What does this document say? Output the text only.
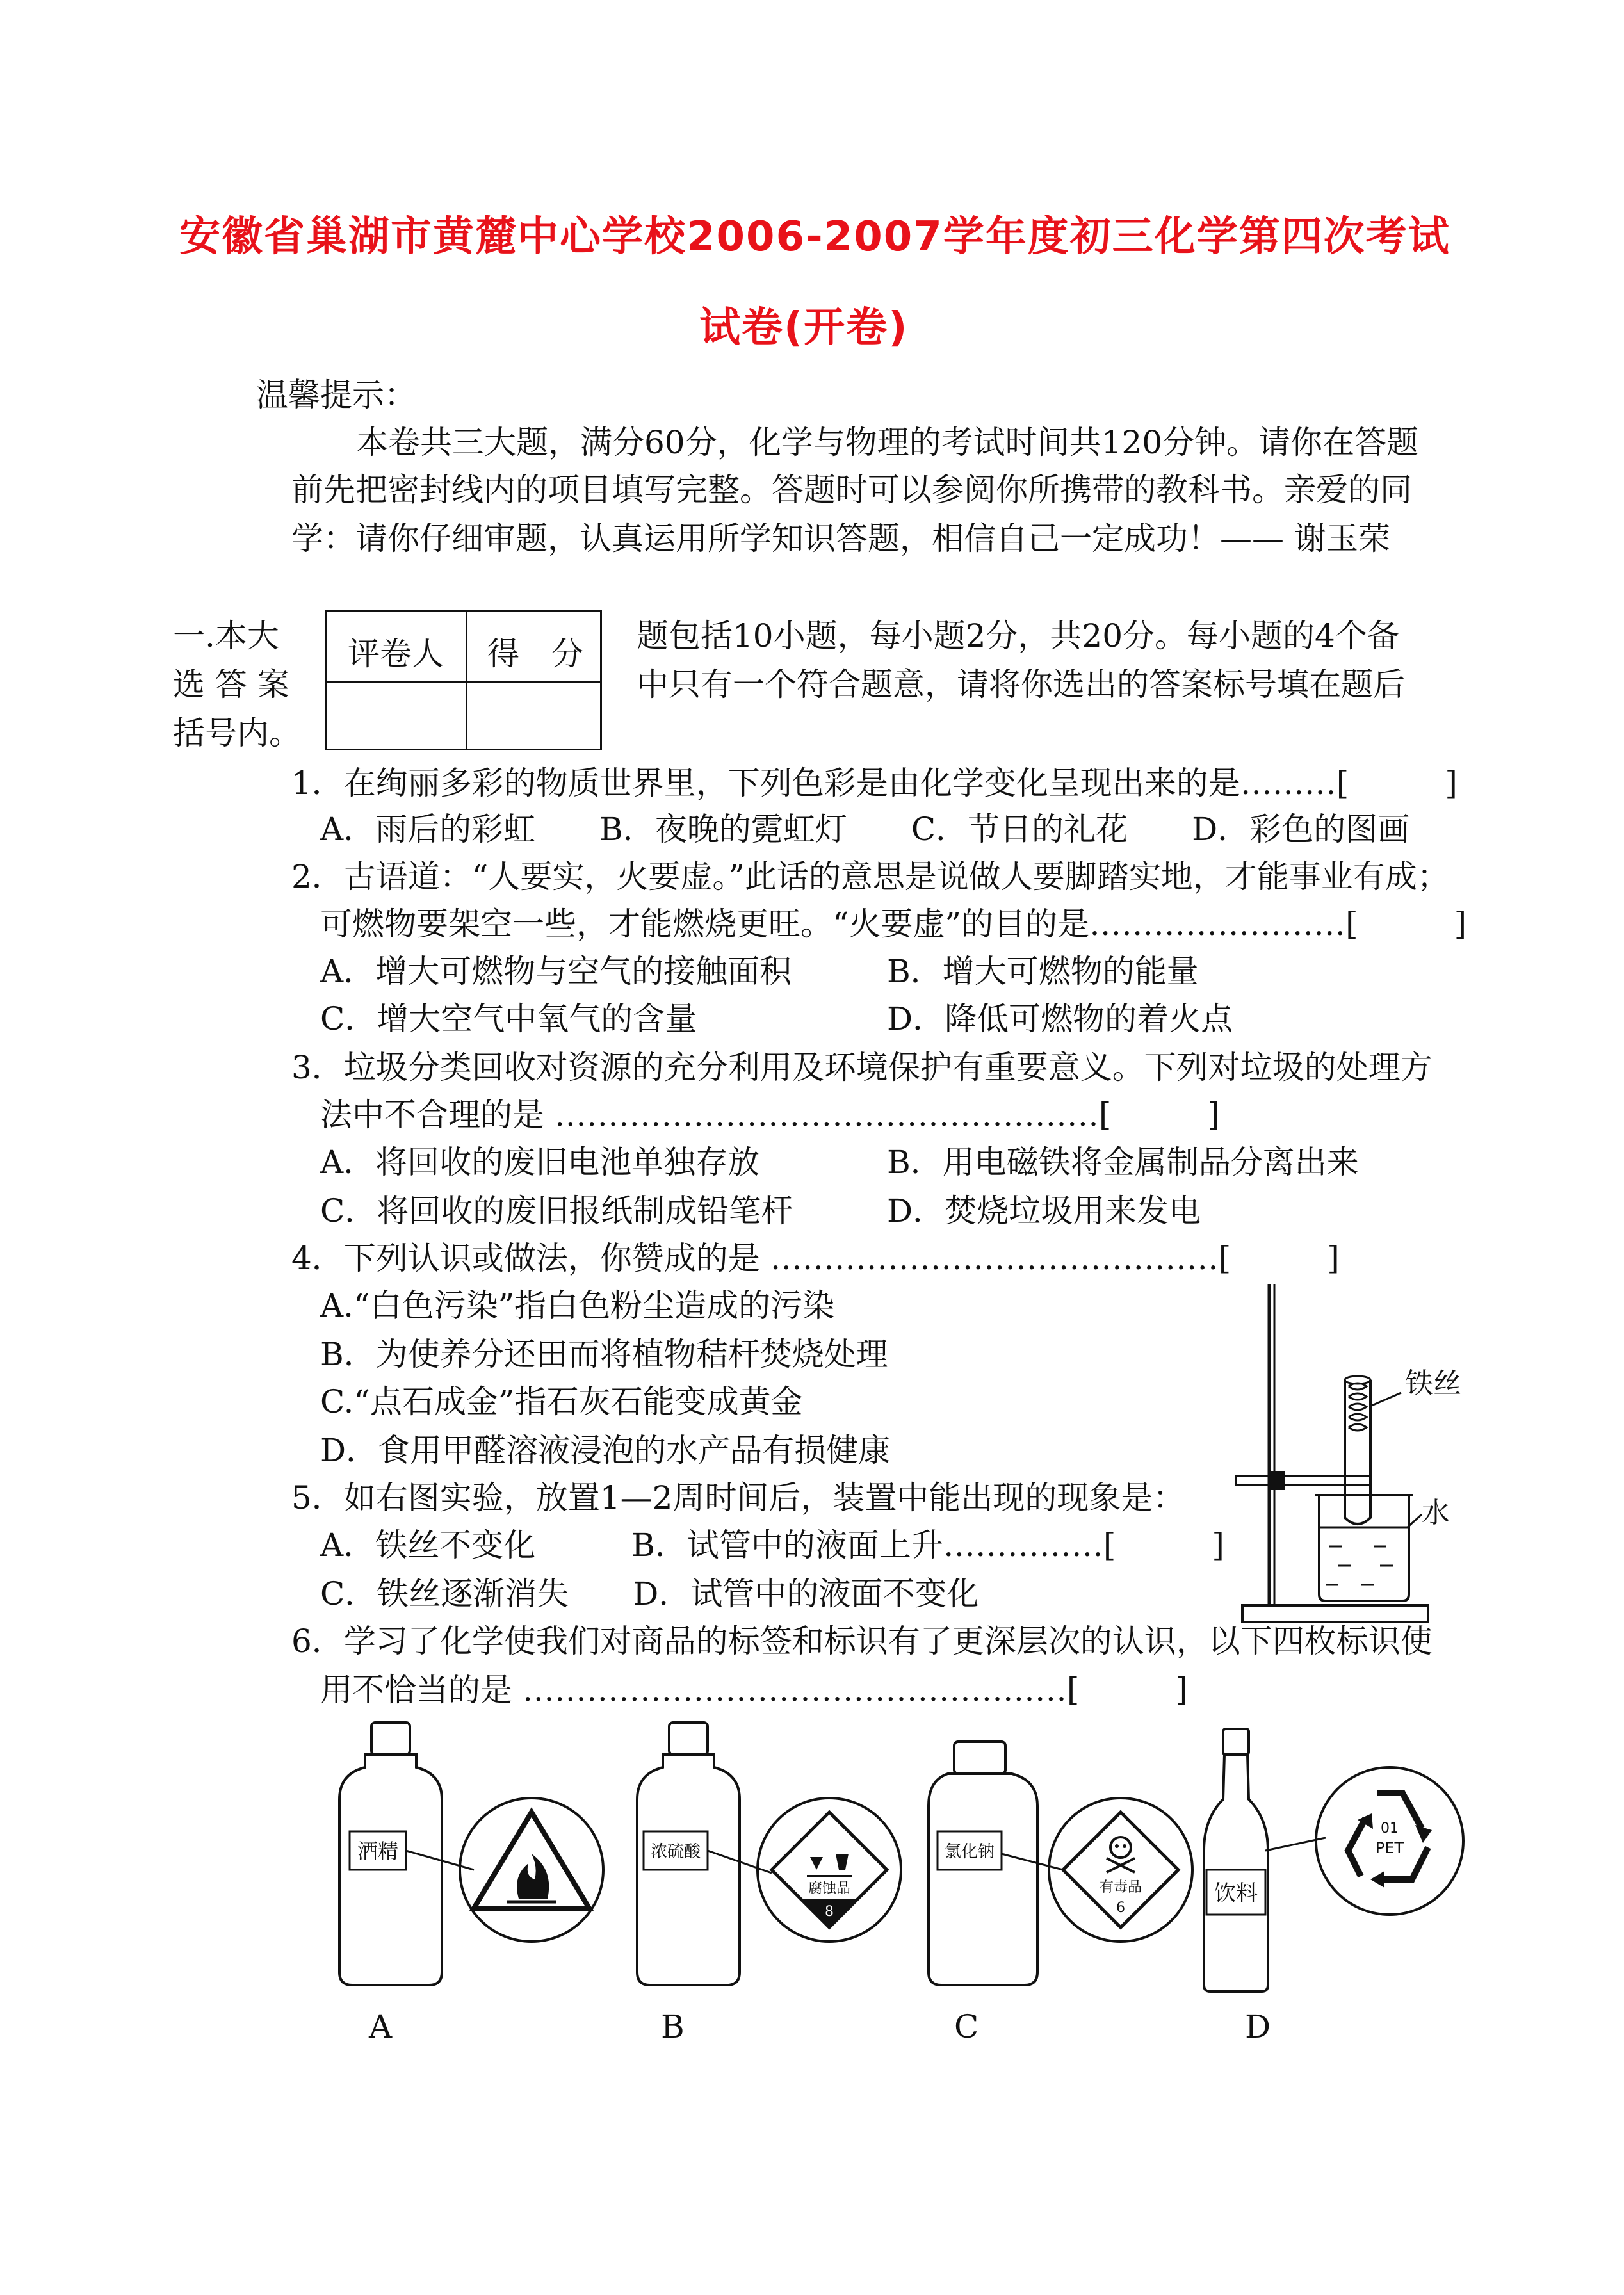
安徽省巢湖市黄麓中心学校2006-2007学年度初三化学第四次考试
试卷(开卷)
温馨提示：
本卷共三大题，满分60分，化学与物理的考试时间共120分钟。请你在答题
前先把密封线内的项目填写完整。答题时可以参阅你所携带的教科书。亲爱的同
学：请你仔细审题，认真运用所学知识答题，相信自己一定成功！—— 谢玉荣
一.本大
选 答 案
括号内。
评卷人 得　分 题包括10小题，每小题2分，共20分。每小题的4个备
中只有一个符合题意，请将你选出的答案标号填在题后
1．在绚丽多彩的物质世界里，下列色彩是由化学变化呈现出来的是………[　　　]
A．雨后的彩虹　　B．夜晚的霓虹灯　　C．节日的礼花　　D．彩色的图画
2．古语道：“人要实，火要虚。”此话的意思是说做人要脚踏实地，才能事业有成；
可燃物要架空一些，才能燃烧更旺。“火要虚”的目的是……………………[　　　]
A．增大可燃物与空气的接触面积	B．增大可燃物的能量
C．增大空气中氧气的含量	D．降低可燃物的着火点
3．垃圾分类回收对资源的充分利用及环境保护有重要意义。下列对垃圾的处理方
法中不合理的是 ……………………………………………[　　　]
A．将回收的废旧电池单独存放	B．用电磁铁将金属制品分离出来
C．将回收的废旧报纸制成铅笔杆	D．焚烧垃圾用来发电
4．下列认识或做法，你赞成的是 ……………………………………[　　　]
A.“白色污染”指白色粉尘造成的污染
B．为使养分还田而将植物秸杆焚烧处理
C.“点石成金”指石灰石能变成黄金
D．食用甲醛溶液浸泡的水产品有损健康
5．如右图实验，放置1—2周时间后，装置中能出现的现象是：
A．铁丝不变化　　　B．试管中的液面上升……………[　　　]
C．铁丝逐渐消失　　D．试管中的液面不变化
6．学习了化学使我们对商品的标签和标识有了更深层次的认识，以下四枚标识使
用不恰当的是 ……………………………………………[　　　]
铁丝
水
酒精	浓硫酸
腐蚀品
8
氯化钠
有毒品
6
饮料
01
PET
A	B	C	D
